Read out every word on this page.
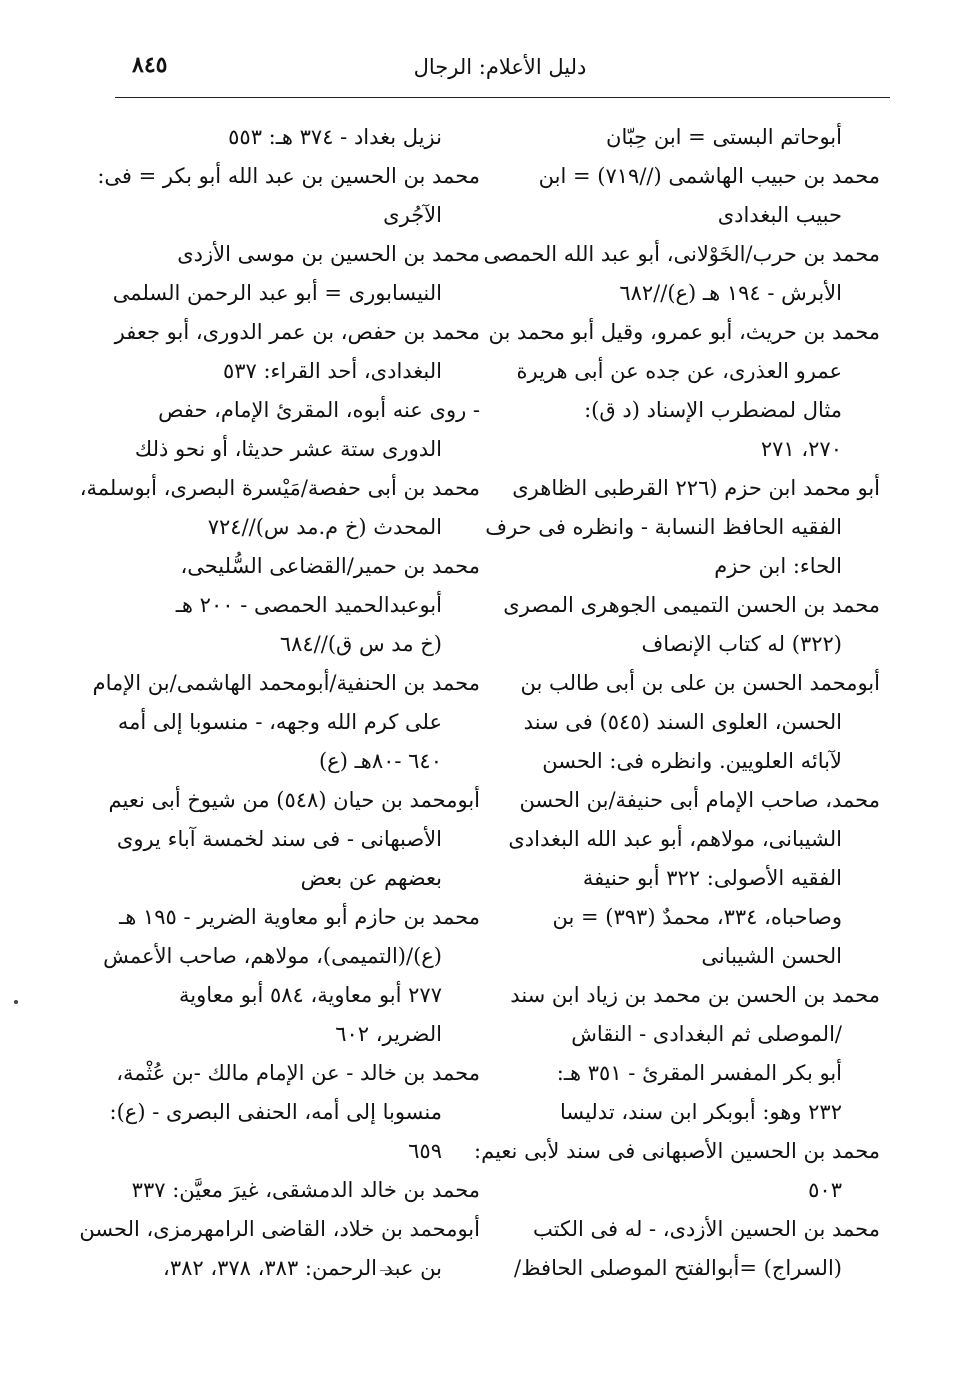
دليل الأعلام: الرجال
٨٤٥
أبوحاتم البستى = ابن حِبّان
محمد بن حبيب الهاشمى (//٧١٩) = ابن
حبيب البغدادى
محمد بن حرب/الخَوْلانى، أبو عبد الله الحمصى
الأبرش - ١٩٤ هـ (ع)//٦٨٢
محمد بن حريث، أبو عمرو، وقيل أبو محمد بن
عمرو العذرى، عن جده عن أبى هريرة
مثال لمضطرب الإسناد (د ق):
٢٧٠، ٢٧١
أبو محمد ابن حزم (٢٢٦ القرطبى الظاهرى
الفقيه الحافظ النسابة - وانظره فى حرف
الحاء: ابن حزم
محمد بن الحسن التميمى الجوهرى المصرى
(٣٢٢) له كتاب الإنصاف
أبومحمد الحسن بن على بن أبى طالب بن
الحسن، العلوى السند (٥٤٥) فى سند
لآبائه العلويين. وانظره فى: الحسن
محمد، صاحب الإمام أبى حنيفة/بن الحسن
الشيبانى، مولاهم، أبو عبد الله البغدادى
الفقيه الأصولى: ٣٢٢ أبو حنيفة
وصاحباه، ٣٣٤، محمدٌ (٣٩٣) = بن
الحسن الشيبانى
محمد بن الحسن بن محمد بن زياد ابن سند
/الموصلى ثم البغدادى - النقاش
أبو بكر المفسر المقرئ - ٣٥١ هـ:
٢٣٢ وهو: أبوبكر ابن سند، تدليسا
محمد بن الحسين الأصبهانى فى سند لأبى نعيم:
٥٠٣
محمد بن الحسين الأزدى، - له فى الكتب
(السراج) =أبوالفتح الموصلى الحافظ/
نزيل بغداد - ٣٧٤ هـ: ٥٥٣
محمد بن الحسين بن عبد الله أبو بكر = فى:
الآجُرى
محمد بن الحسين بن موسى الأزدى
النيسابورى = أبو عبد الرحمن السلمى
محمد بن حفص، بن عمر الدورى، أبو جعفر
البغدادى، أحد القراء: ٥٣٧
- روى عنه أبوه، المقرئ الإمام، حفص
الدورى ستة عشر حديثا، أو نحو ذلك
محمد بن أبى حفصة/مَيْسرة البصرى، أبوسلمة،
المحدث (خ م.مد س)//٧٢٤
محمد بن حمير/القضاعى السُّليحى،
أبوعبدالحميد الحمصى - ٢٠٠ هـ
(خ مد س ق)//٦٨٤
محمد بن الحنفية/أبومحمد الهاشمى/بن الإمام
على كرم الله وجهه، - منسوبا إلى أمه
٦٤٠ -٨٠هـ (ع)
أبومحمد بن حيان (٥٤٨) من شيوخ أبى نعيم
الأصبهانى - فى سند لخمسة آباء يروى
بعضهم عن بعض
محمد بن حازم أبو معاوية الضرير - ١٩٥ هـ
(ع)/(التميمى)، مولاهم، صاحب الأعمش
٢٧٧ أبو معاوية، ٥٨٤ أبو معاوية
الضرير، ٦٠٢
محمد بن خالد - عن الإمام مالك -بن عُثْمة،
منسوبا إلى أمه، الحنفى البصرى - (ع):
٦٥٩
محمد بن خالد الدمشقى، غيرَ معيَّن: ٣٣٧
أبومحمد بن خلاد، القاضى الرامهرمزى، الحسن
بن عبد الرحمن: ٣٨٣، ٣٧٨، ٣٨٢،
